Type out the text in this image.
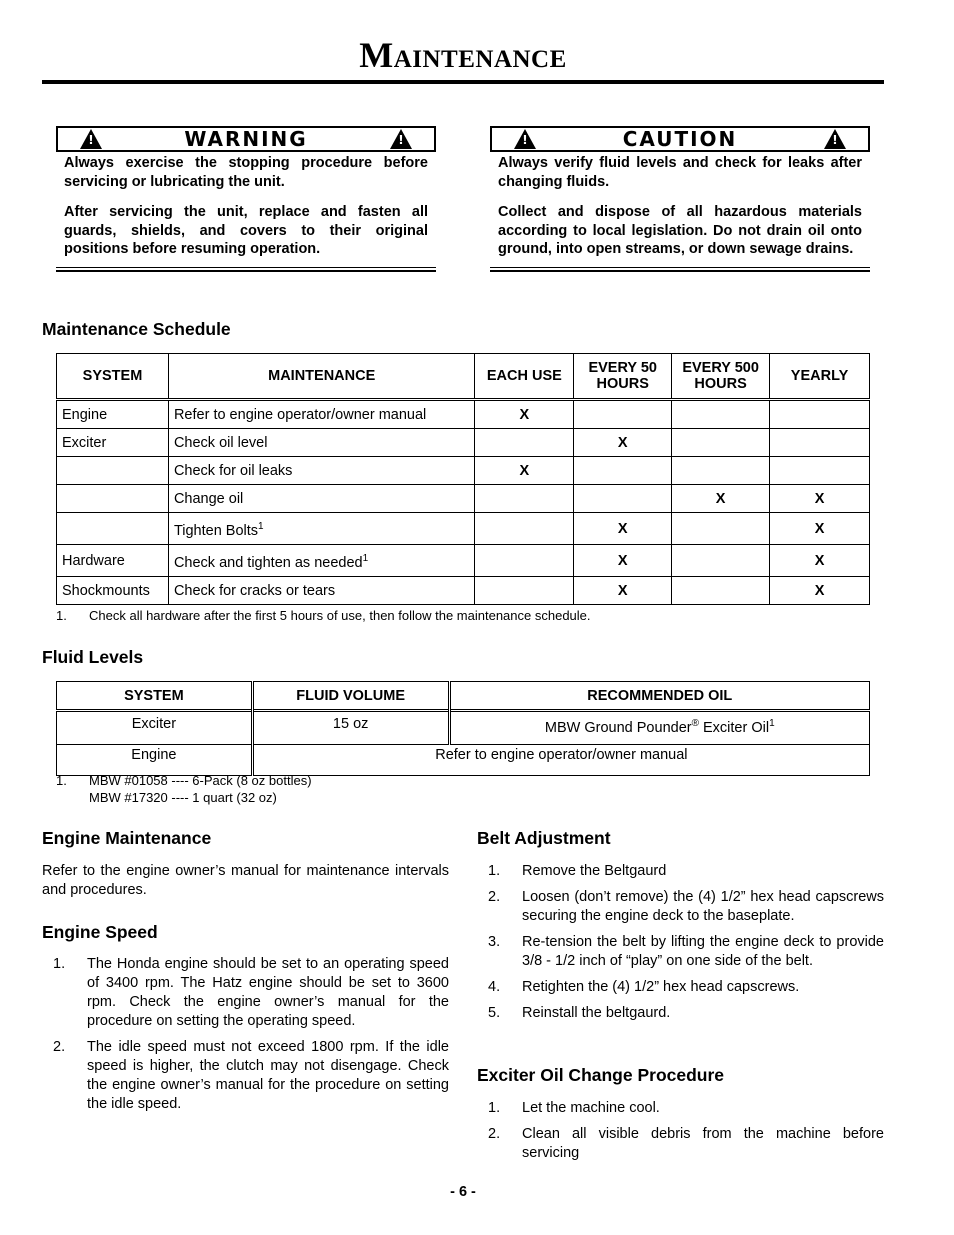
Maintenance
!	WARNING	!

Always exercise the stopping procedure before servicing or lubricating the unit.

After servicing the unit, replace and fasten all guards, shields, and covers to their original positions before resuming operation.

!	CAUTION	!

Always verify fluid levels and check for leaks after changing fluids.

Collect and dispose of all hazardous materials according to local legislation. Do not drain oil onto ground, into open streams, or down sewage drains.

Maintenance Schedule
SYSTEM	MAINTENANCE	EACH USE	EVERY 50 HOURS	EVERY 500 HOURS	YEARLY
Engine	Refer to engine operator/owner manual	X			
Exciter	Check oil level		X		
	Check for oil leaks	X			
	Change oil			X	X
	Tighten Bolts$^1$		X		X
Hardware	Check and tighten as needed$^1$		X		X
Shockmounts	Check for cracks or tears		X		X
1. Check all hardware after the first 5 hours of use, then follow the maintenance schedule.
Fluid Levels
SYSTEM	FLUID VOLUME	RECOMMENDED OIL
Exciter	15 oz	MBW Ground Pounder® Exciter Oil$^1$
Engine	Refer to engine operator/owner manual	
1. MBW #01058 ---- 6-Pack (8 oz bottles)
MBW #17320 ---- 1 quart (32 oz)
Engine Maintenance

Refer to the engine owner’s manual for maintenance intervals and procedures.

Engine Speed
1. The Honda engine should be set to an operating speed of 3400 rpm. The Hatz engine should be set to 3600 rpm. Check the engine owner’s manual for the procedure on setting the operating speed.
2. The idle speed must not exceed 1800 rpm. If the idle speed is higher, the clutch may not disengage. Check the engine owner’s manual for the procedure on setting the idle speed.
Belt Adjustment
1. Remove the Beltgaurd
2. Loosen (don’t remove) the (4) 1/2” hex head capscrews securing the engine deck to the baseplate.
3. Re-tension the belt by lifting the engine deck to provide 3/8 - 1/2 inch of “play” on one side of the belt.
4. Retighten the (4) 1/2” hex head capscrews.
5. Reinstall the beltgaurd.
Exciter Oil Change Procedure
1. Let the machine cool.
2. Clean all visible debris from the machine before servicing
- 6 -
